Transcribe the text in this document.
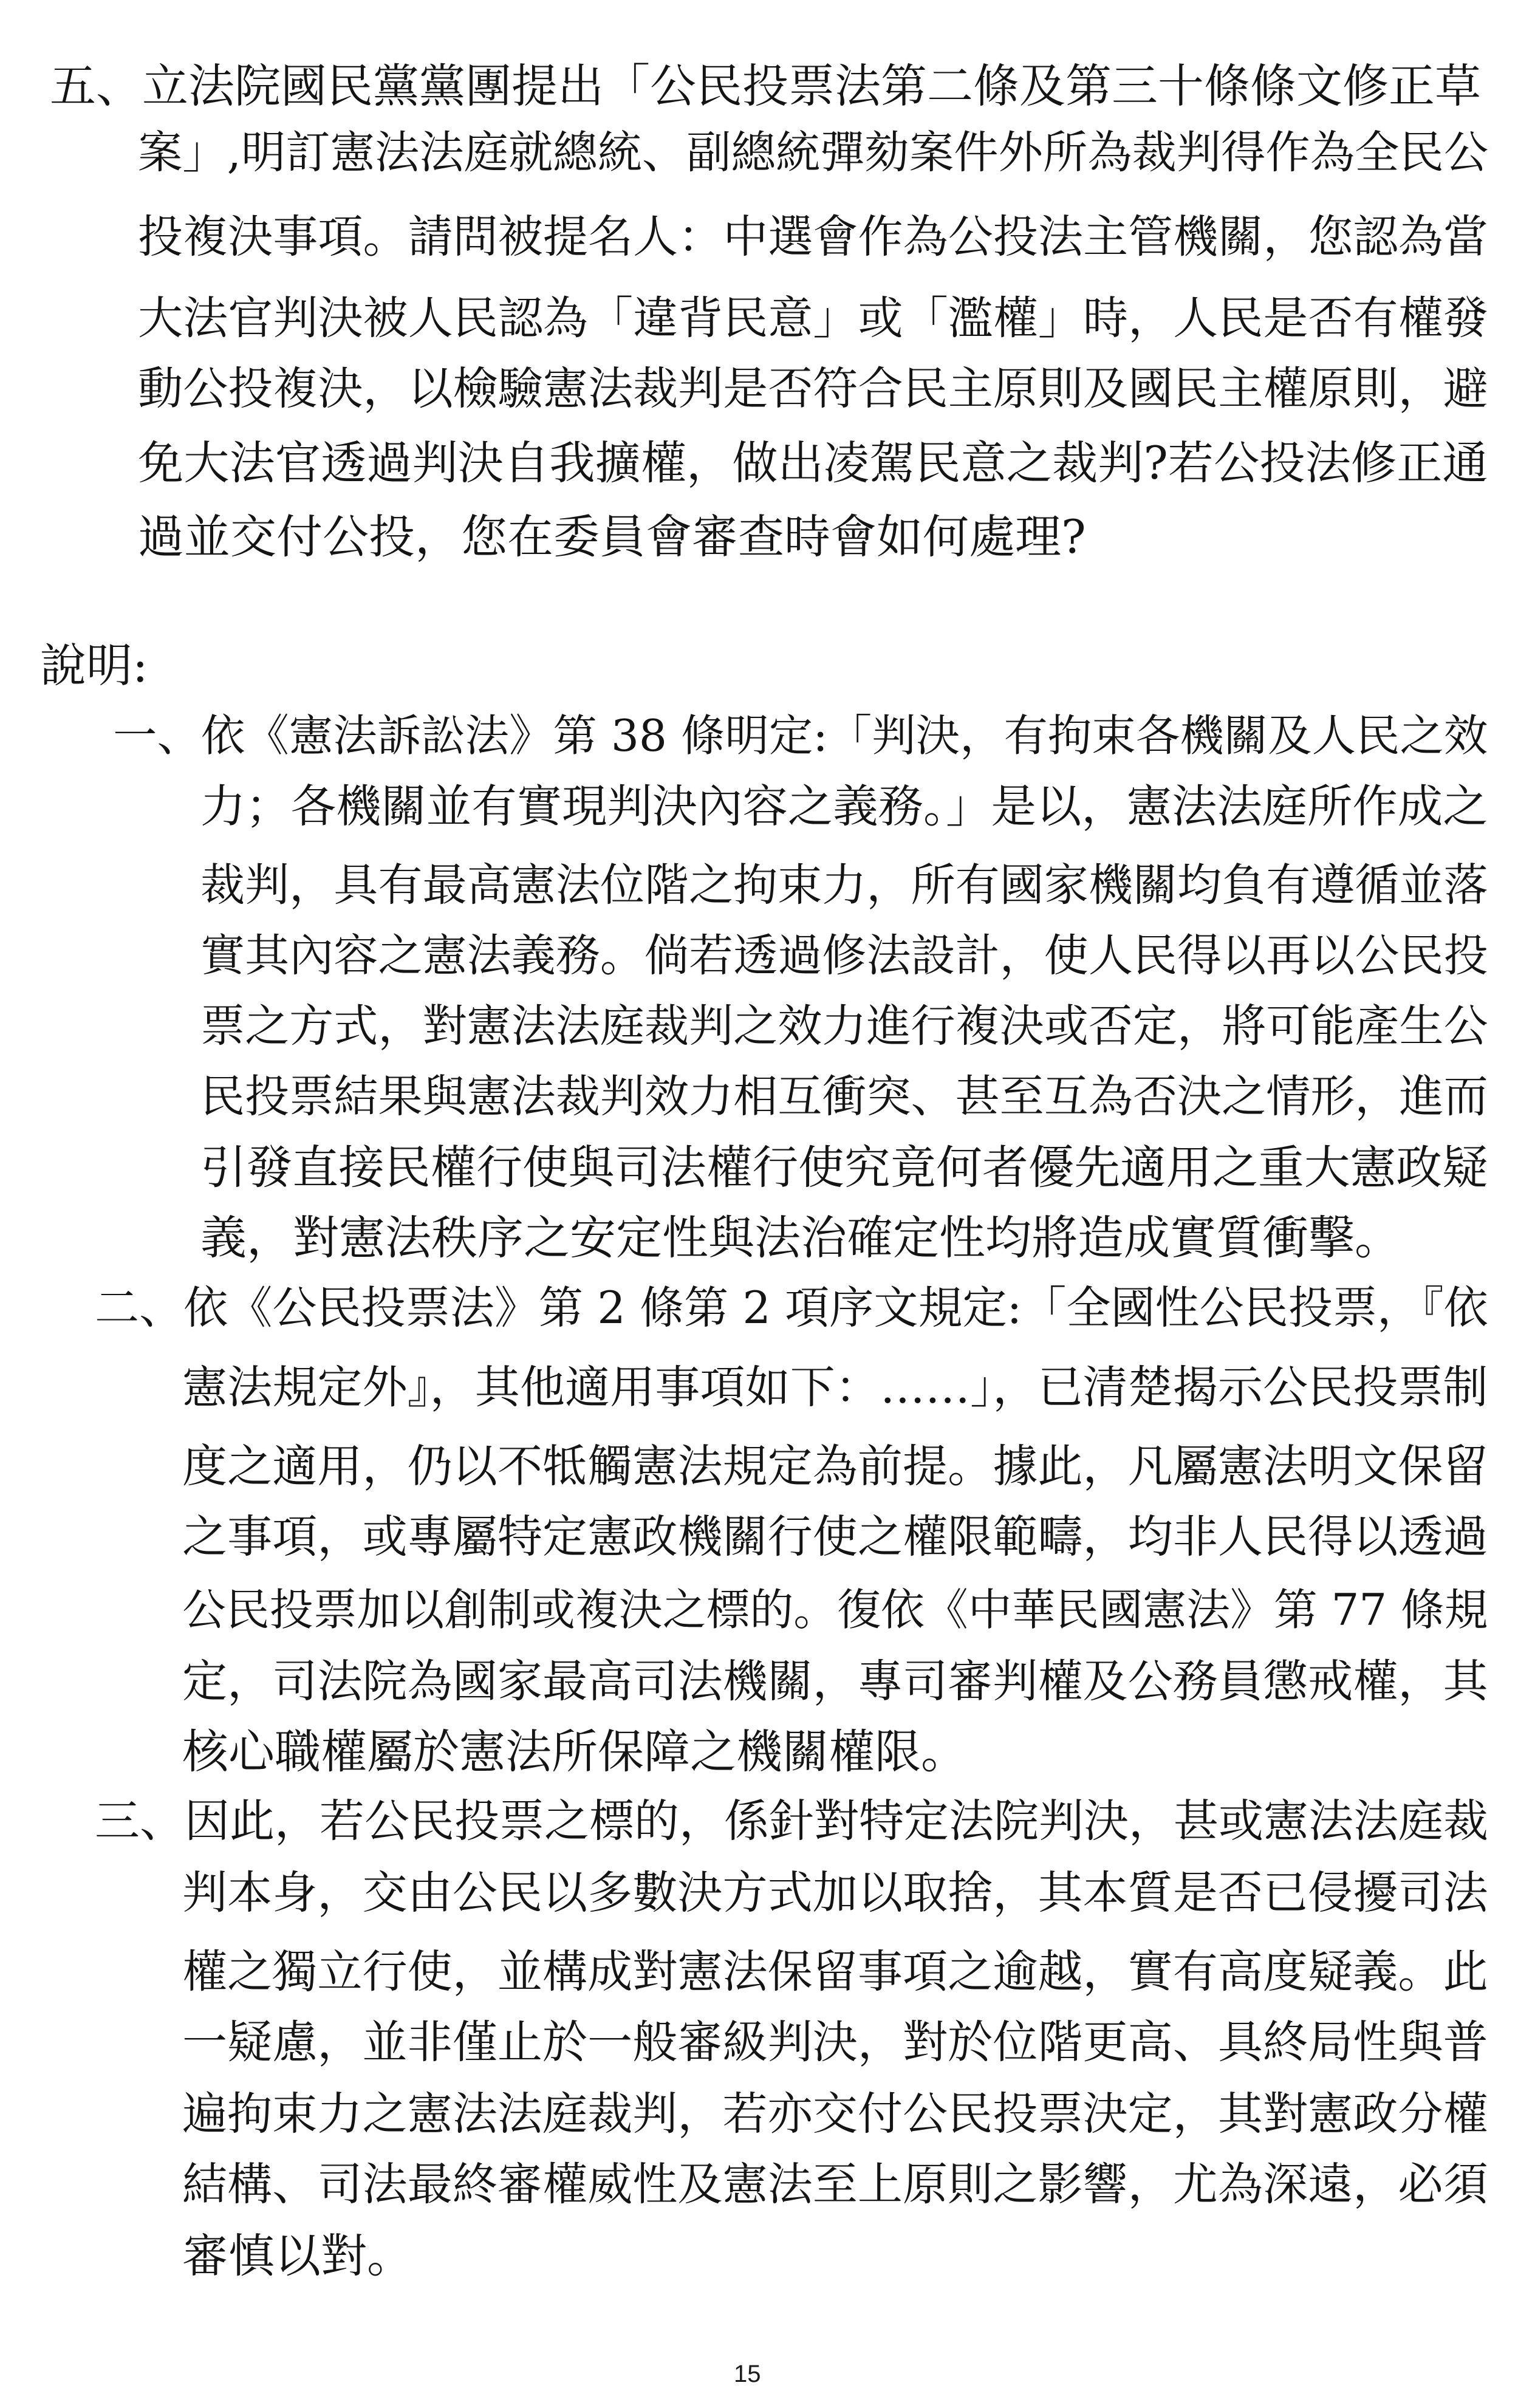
五、立法院國民黨黨團提出「公民投票法第二條及第三十條條文修正草
案」,明訂憲法法庭就總統、副總統彈劾案件外所為裁判得作為全民公
投複決事項。請問被提名人：中選會作為公投法主管機關，您認為當
大法官判決被人民認為「違背民意」或「濫權」時，人民是否有權發
動公投複決，以檢驗憲法裁判是否符合民主原則及國民主權原則，避
免大法官透過判決自我擴權，做出凌駕民意之裁判?若公投法修正通
過並交付公投，您在委員會審查時會如何處理?
說明:
一、依《憲法訴訟法》第 38 條明定:「判決，有拘束各機關及人民之效
力；各機關並有實現判決內容之義務。」是以，憲法法庭所作成之
裁判，具有最高憲法位階之拘束力，所有國家機關均負有遵循並落
實其內容之憲法義務。倘若透過修法設計，使人民得以再以公民投
票之方式，對憲法法庭裁判之效力進行複決或否定，將可能產生公
民投票結果與憲法裁判效力相互衝突、甚至互為否決之情形，進而
引發直接民權行使與司法權行使究竟何者優先適用之重大憲政疑
義，對憲法秩序之安定性與法治確定性均將造成實質衝擊。
二、依《公民投票法》第 2 條第 2 項序文規定:「全國性公民投票，『依
憲法規定外』，其他適用事項如下：……」，已清楚揭示公民投票制
度之適用，仍以不牴觸憲法規定為前提。據此，凡屬憲法明文保留
之事項，或專屬特定憲政機關行使之權限範疇，均非人民得以透過
公民投票加以創制或複決之標的。復依《中華民國憲法》第 77 條規
定，司法院為國家最高司法機關，專司審判權及公務員懲戒權，其
核心職權屬於憲法所保障之機關權限。
三、因此，若公民投票之標的，係針對特定法院判決，甚或憲法法庭裁
判本身，交由公民以多數決方式加以取捨，其本質是否已侵擾司法
權之獨立行使，並構成對憲法保留事項之逾越，實有高度疑義。此
一疑慮，並非僅止於一般審級判決，對於位階更高、具終局性與普
遍拘束力之憲法法庭裁判，若亦交付公民投票決定，其對憲政分權
結構、司法最終審權威性及憲法至上原則之影響，尤為深遠，必須
審慎以對。
15
